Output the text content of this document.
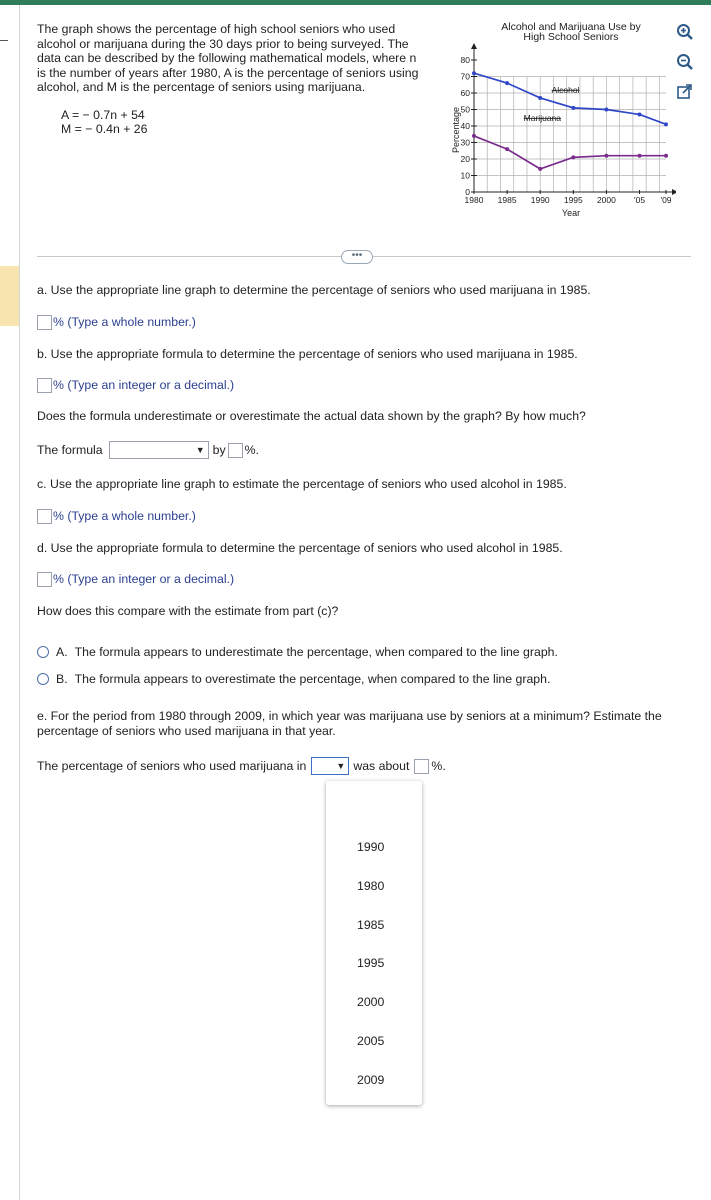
The graph shows the percentage of high school seniors who used
alcohol or marijuana during the 30 days prior to being surveyed. The
data can be described by the following mathematical models, where n
is the number of years after 1980, A is the percentage of seniors using
alcohol, and M is the percentage of seniors using marijuana.
A = − 0.7n + 54
M = − 0.4n + 26
Alcohol and Marijuana Use by
High School Seniors
Percentage
Year
80
70
60
50
40
30
20
10
0
1980 1985 1990 1995 2000 '05 '09
Alcohol
Marijuana
•••
a. Use the appropriate line graph to determine the percentage of seniors who used marijuana in 1985.
% (Type a whole number.)
b. Use the appropriate formula to determine the percentage of seniors who used marijuana in 1985.
% (Type an integer or a decimal.)
Does the formula underestimate or overestimate the actual data shown by the graph? By how much?
The formula	▼ by %.
c. Use the appropriate line graph to estimate the percentage of seniors who used alcohol in 1985.
% (Type a whole number.)
d. Use the appropriate formula to determine the percentage of seniors who used alcohol in 1985.
% (Type an integer or a decimal.)
How does this compare with the estimate from part (c)?
A. The formula appears to underestimate the percentage, when compared to the line graph.
B. The formula appears to overestimate the percentage, when compared to the line graph.
e. For the period from 1980 through 2009, in which year was marijuana use by seniors at a minimum? Estimate the
percentage of seniors who used marijuana in that year.
The percentage of seniors who used marijuana in	▼ was about %.
1990
1980
1985
1995
2000
2005
2009
